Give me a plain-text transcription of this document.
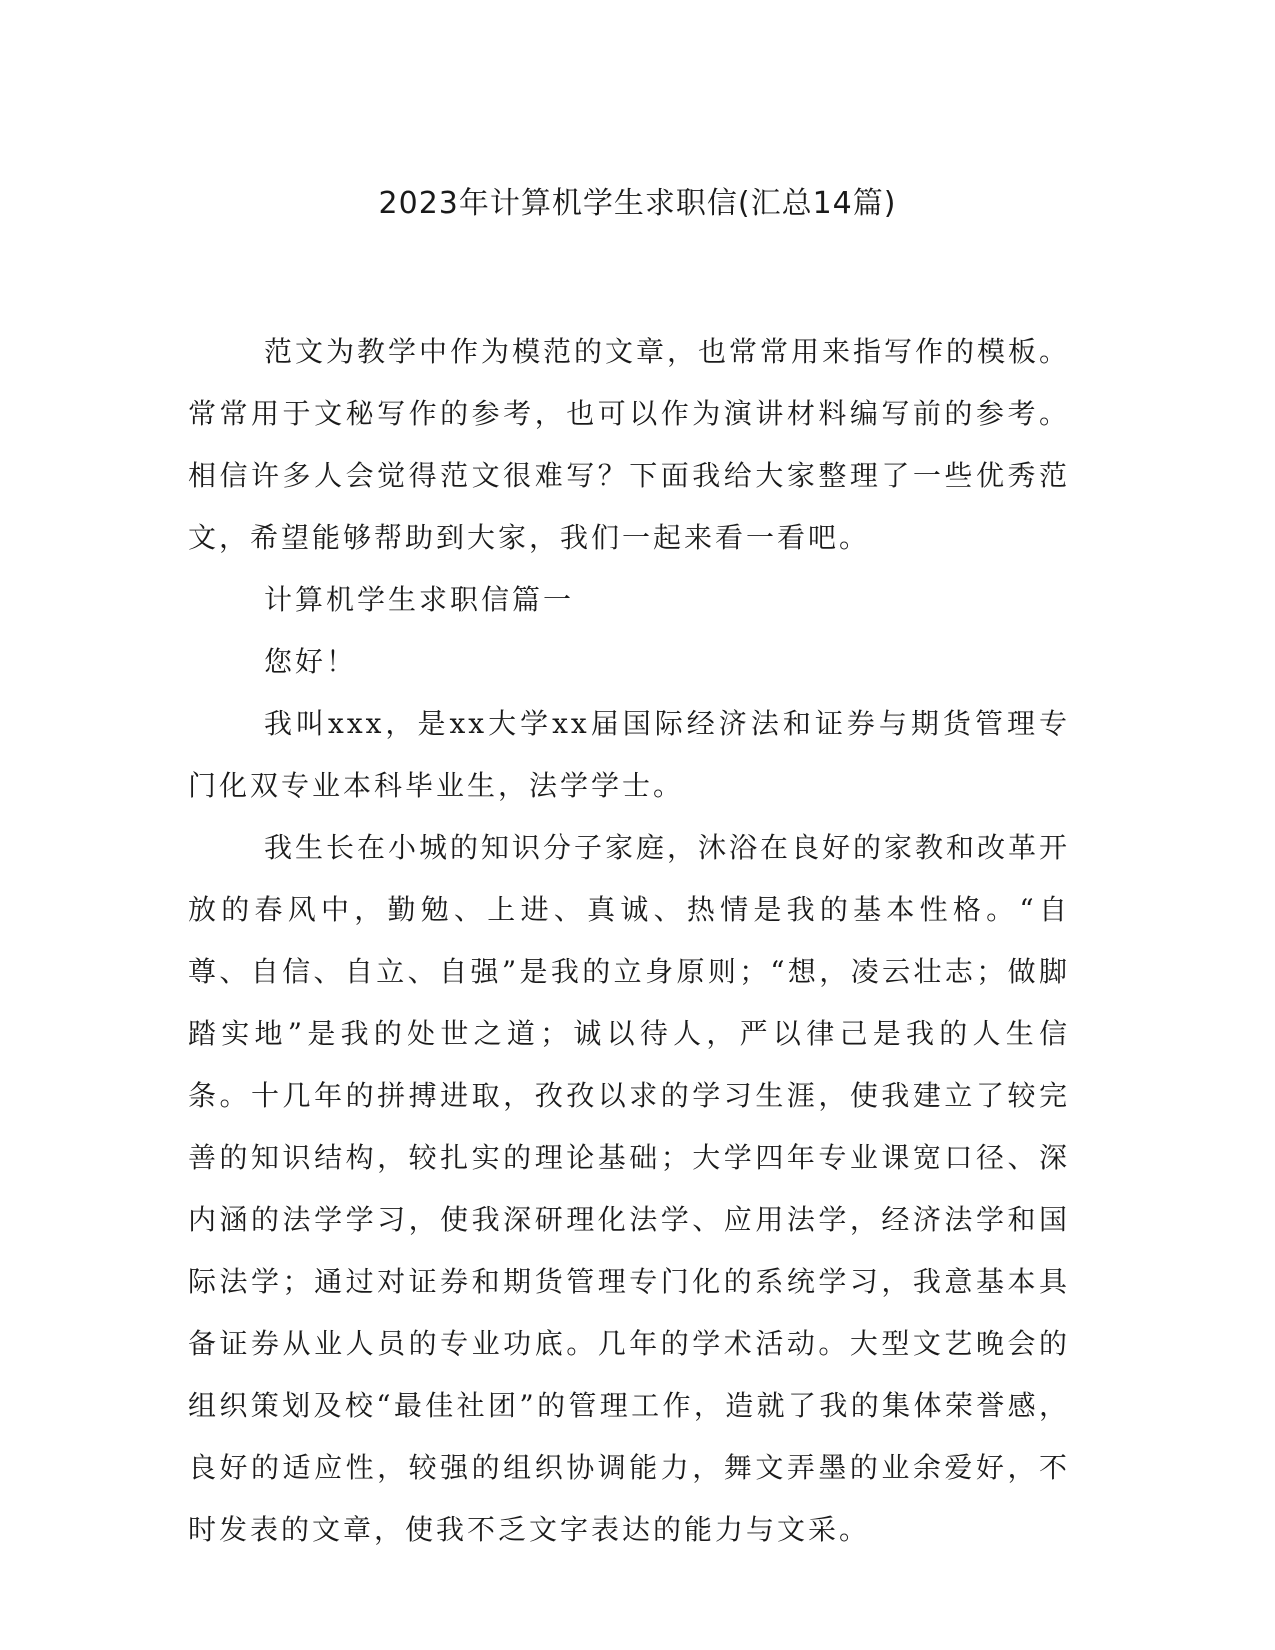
2023年计算机学生求职信(汇总14篇)

范文为教学中作为模范的文章，也常常用来指写作的模板。常常用于文秘写作的参考，也可以作为演讲材料编写前的参考。相信许多人会觉得范文很难写？下面我给大家整理了一些优秀范文，希望能够帮助到大家，我们一起来看一看吧。

计算机学生求职信篇一

您好！

我叫xxx，是xx大学xx届国际经济法和证券与期货管理专门化双专业本科毕业生，法学学士。

我生长在小城的知识分子家庭，沐浴在良好的家教和改革开放的春风中，勤勉、上进、真诚、热情是我的基本性格。“自尊、自信、自立、自强”是我的立身原则；“想，凌云壮志；做脚踏实地”是我的处世之道；诚以待人，严以律己是我的人生信条。十几年的拼搏进取，孜孜以求的学习生涯，使我建立了较完善的知识结构，较扎实的理论基础；大学四年专业课宽口径、深内涵的法学学习，使我深研理化法学、应用法学，经济法学和国际法学；通过对证券和期货管理专门化的系统学习，我意基本具备证券从业人员的专业功底。几年的学术活动。大型文艺晚会的组织策划及校“最佳社团”的管理工作，造就了我的集体荣誉感，良好的适应性，较强的组织协调能力，舞文弄墨的业余爱好，不时发表的文章，使我不乏文字表达的能力与文采。
